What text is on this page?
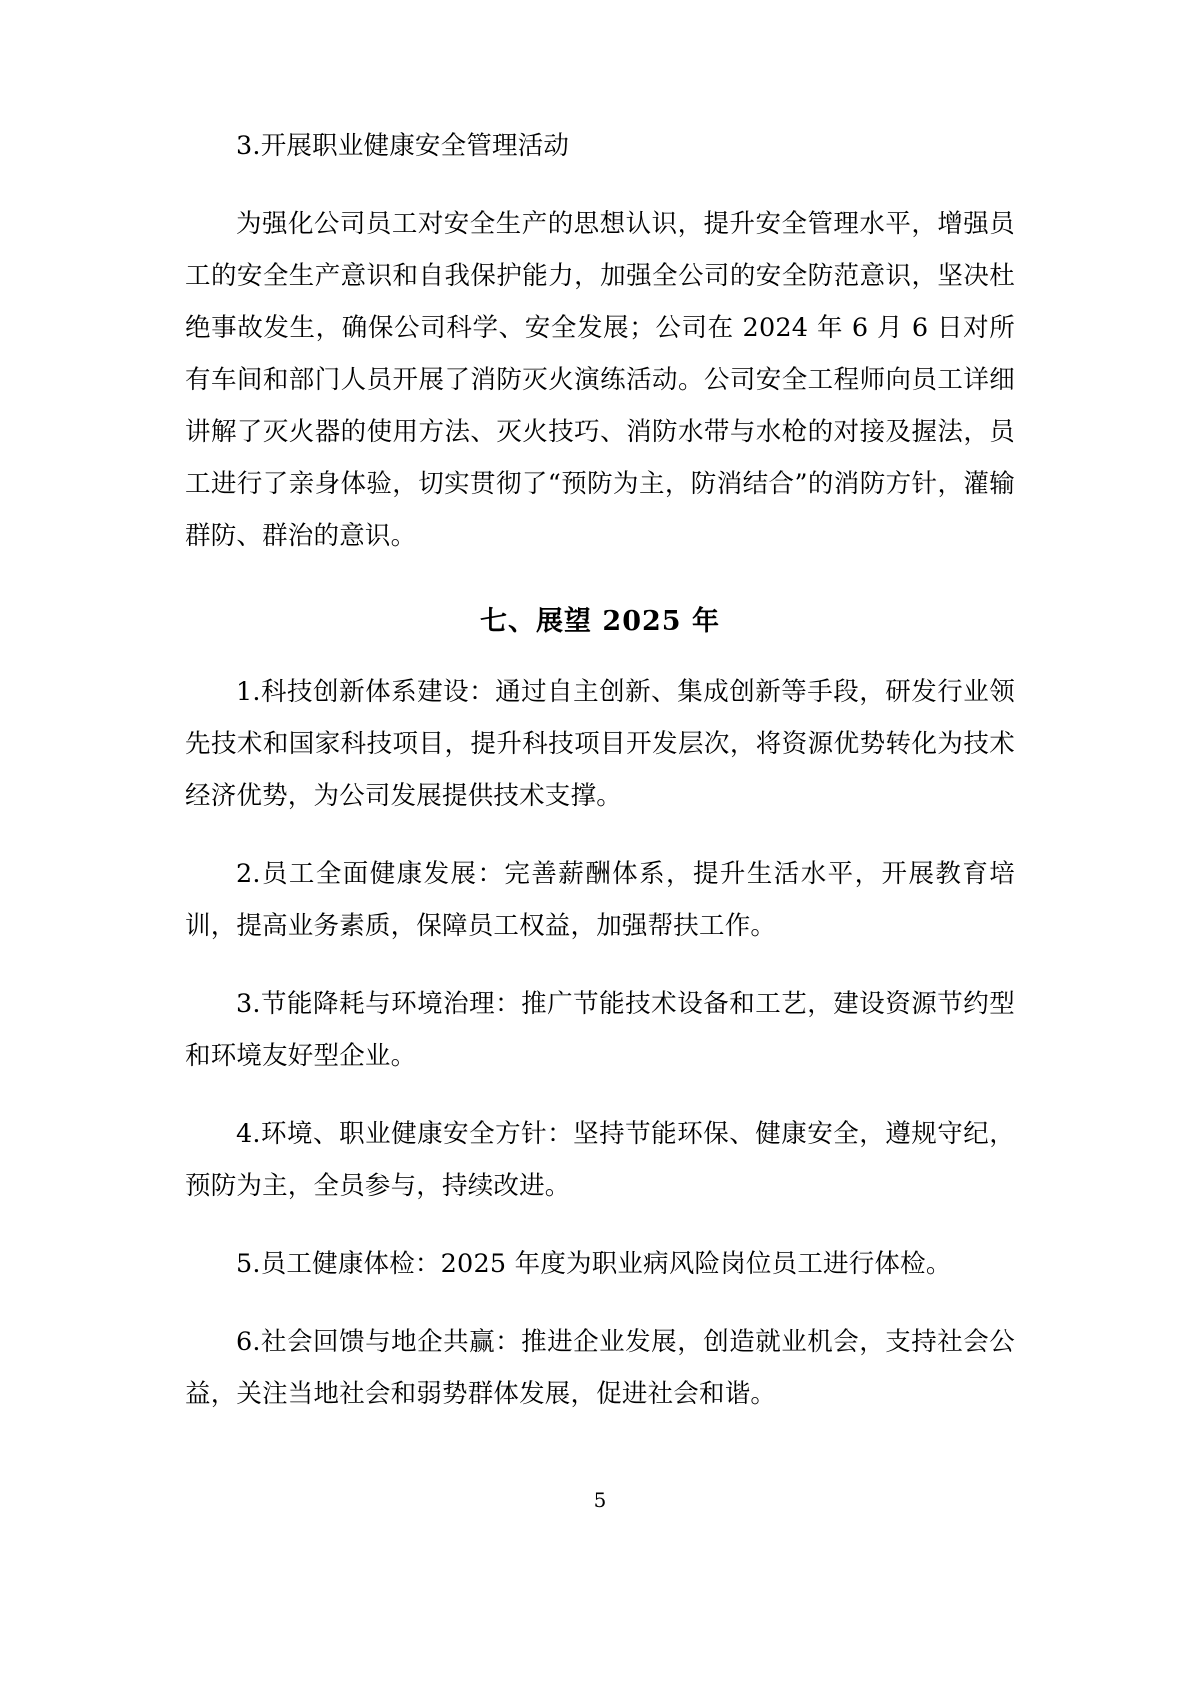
3.开展职业健康安全管理活动

为强化公司员工对安全生产的思想认识，提升安全管理水平，增强员工的安全生产意识和自我保护能力，加强全公司的安全防范意识，坚决杜绝事故发生，确保公司科学、安全发展；公司在 2024 年 6 月 6 日对所有车间和部门人员开展了消防灭火演练活动。公司安全工程师向员工详细讲解了灭火器的使用方法、灭火技巧、消防水带与水枪的对接及握法，员工进行了亲身体验，切实贯彻了“预防为主，防消结合”的消防方针，灌输群防、群治的意识。

七、展望 2025 年

1.科技创新体系建设：通过自主创新、集成创新等手段，研发行业领先技术和国家科技项目，提升科技项目开发层次，将资源优势转化为技术经济优势，为公司发展提供技术支撑。

2.员工全面健康发展：完善薪酬体系，提升生活水平，开展教育培训，提高业务素质，保障员工权益，加强帮扶工作。

3.节能降耗与环境治理：推广节能技术设备和工艺，建设资源节约型和环境友好型企业。

4.环境、职业健康安全方针：坚持节能环保、健康安全，遵规守纪，预防为主，全员参与，持续改进。

5.员工健康体检：2025 年度为职业病风险岗位员工进行体检。

6.社会回馈与地企共赢：推进企业发展，创造就业机会，支持社会公益，关注当地社会和弱势群体发展，促进社会和谐。

5
